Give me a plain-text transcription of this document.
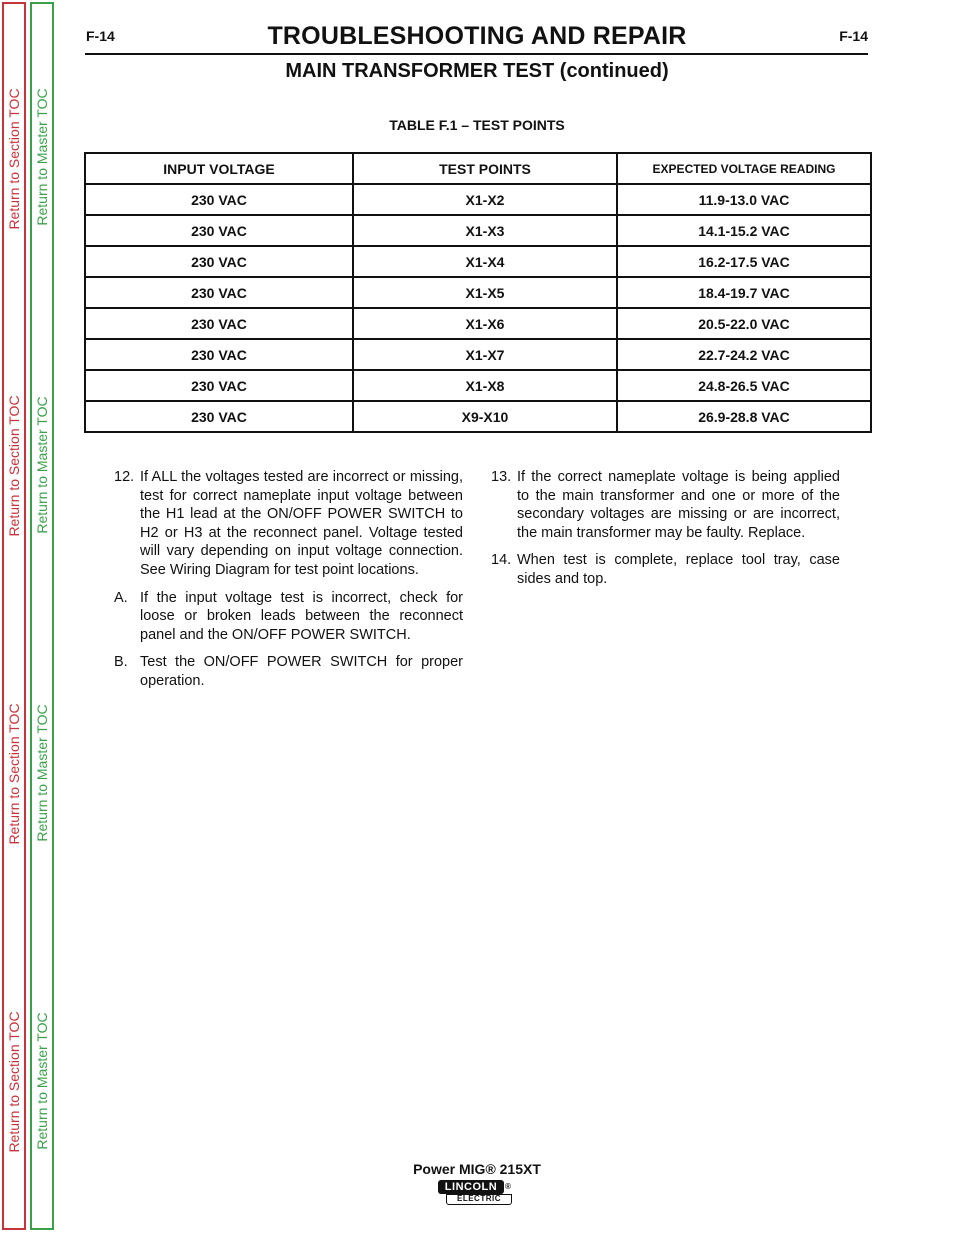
Return to Section TOC
Return to Section TOC
Return to Section TOC
Return to Section TOC
Return to Master TOC
Return to Master TOC
Return to Master TOC
Return to Master TOC
F-14	F-14
TROUBLESHOOTING AND REPAIR
MAIN TRANSFORMER TEST (continued)
TABLE F.1 – TEST POINTS
INPUT VOLTAGE	TEST POINTS	EXPECTED VOLTAGE READING
230 VAC	X1-X2	11.9-13.0 VAC
230 VAC	X1-X3	14.1-15.2 VAC
230 VAC	X1-X4	16.2-17.5 VAC
230 VAC	X1-X5	18.4-19.7 VAC
230 VAC	X1-X6	20.5-22.0 VAC
230 VAC	X1-X7	22.7-24.2 VAC
230 VAC	X1-X8	24.8-26.5 VAC
230 VAC	X9-X10	26.9-28.8 VAC
12. If ALL the voltages tested are incorrect or missing, test for correct nameplate input voltage between the H1 lead at the ON/OFF POWER SWITCH to H2 or H3 at the reconnect panel. Voltage tested will vary depending on input voltage connection. See Wiring Diagram for test point locations.
A. If the input voltage test is incorrect, check for loose or broken leads between the reconnect panel and the ON/OFF POWER SWITCH.
B. Test the ON/OFF POWER SWITCH for proper operation.
13. If the correct nameplate voltage is being applied to the main transformer and one or more of the secondary voltages are missing or are incorrect, the main transformer may be faulty. Replace.
14. When test is complete, replace tool tray, case sides and top.
Power MIG® 215XT
LINCOLN
ELECTRIC
®
